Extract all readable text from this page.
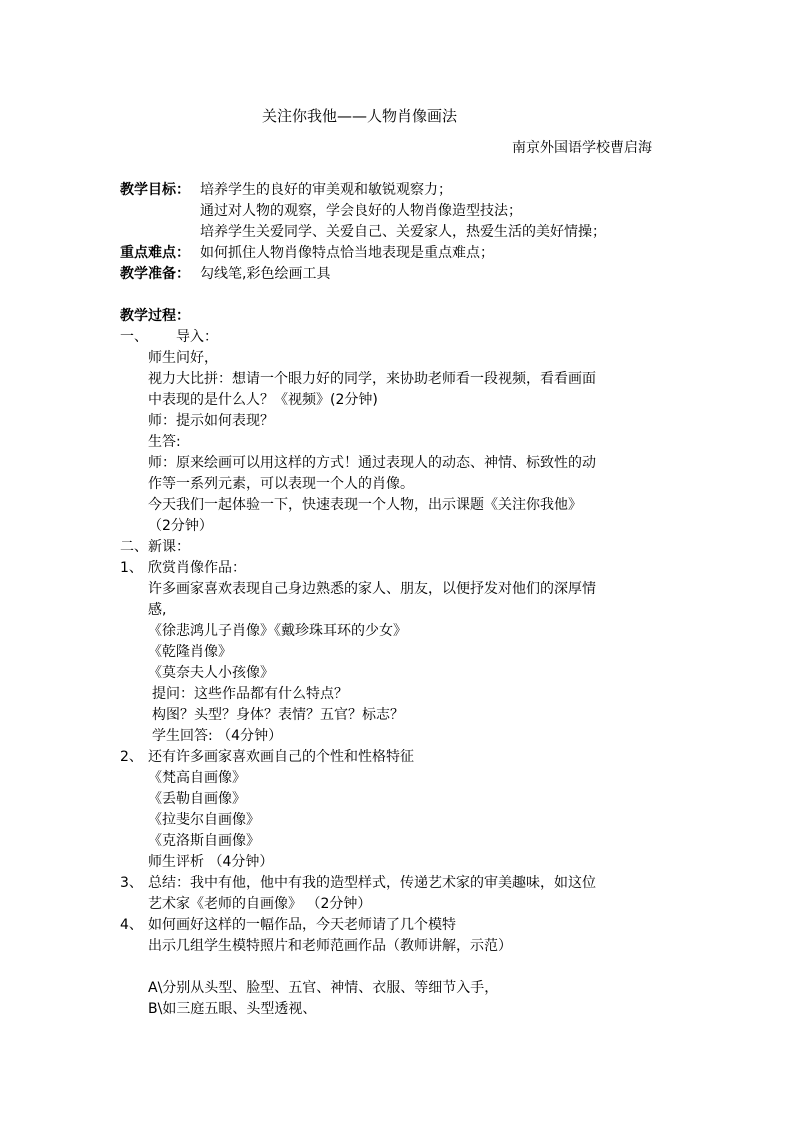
关注你我他——人物肖像画法
南京外国语学校曹启海
教学目标： 培养学生的良好的审美观和敏锐观察力；
通过对人物的观察，学会良好的人物肖像造型技法；
培养学生关爱同学、关爱自己、关爱家人，热爱生活的美好情操；
重点难点： 如何抓住人物肖像特点恰当地表现是重点难点；
教学准备： 勾线笔,彩色绘画工具
教学过程：
一、 导入：
师生问好，
视力大比拼：想请一个眼力好的同学，来协助老师看一段视频，看看画面
中表现的是什么人？《视频》(2分钟)
师：提示如何表现？
生答:
师：原来绘画可以用这样的方式！通过表现人的动态、神情、标致性的动
作等一系列元素，可以表现一个人的肖像。
今天我们一起体验一下，快速表现一个人物，出示课题《关注你我他》
（2分钟）
二、新课：
1、 欣赏肖像作品：
许多画家喜欢表现自己身边熟悉的家人、朋友，以便抒发对他们的深厚情
感,
《徐悲鸿儿子肖像》《戴珍珠耳环的少女》
《乾隆肖像》
《莫奈夫人小孩像》
提问：这些作品都有什么特点？
构图？头型？身体？表情？五官？标志？
学生回答: （4分钟）
2、 还有许多画家喜欢画自己的个性和性格特征
《梵高自画像》
《丢勒自画像》
《拉斐尔自画像》
《克洛斯自画像》
师生评析 （4分钟）
3、 总结：我中有他，他中有我的造型样式，传递艺术家的审美趣味，如这位
艺术家《老师的自画像》 （2分钟）
4、 如何画好这样的一幅作品，今天老师请了几个模特
出示几组学生模特照片和老师范画作品（教师讲解，示范）
A\分别从头型、脸型、五官、神情、衣服、等细节入手，
B\如三庭五眼、头型透视、
